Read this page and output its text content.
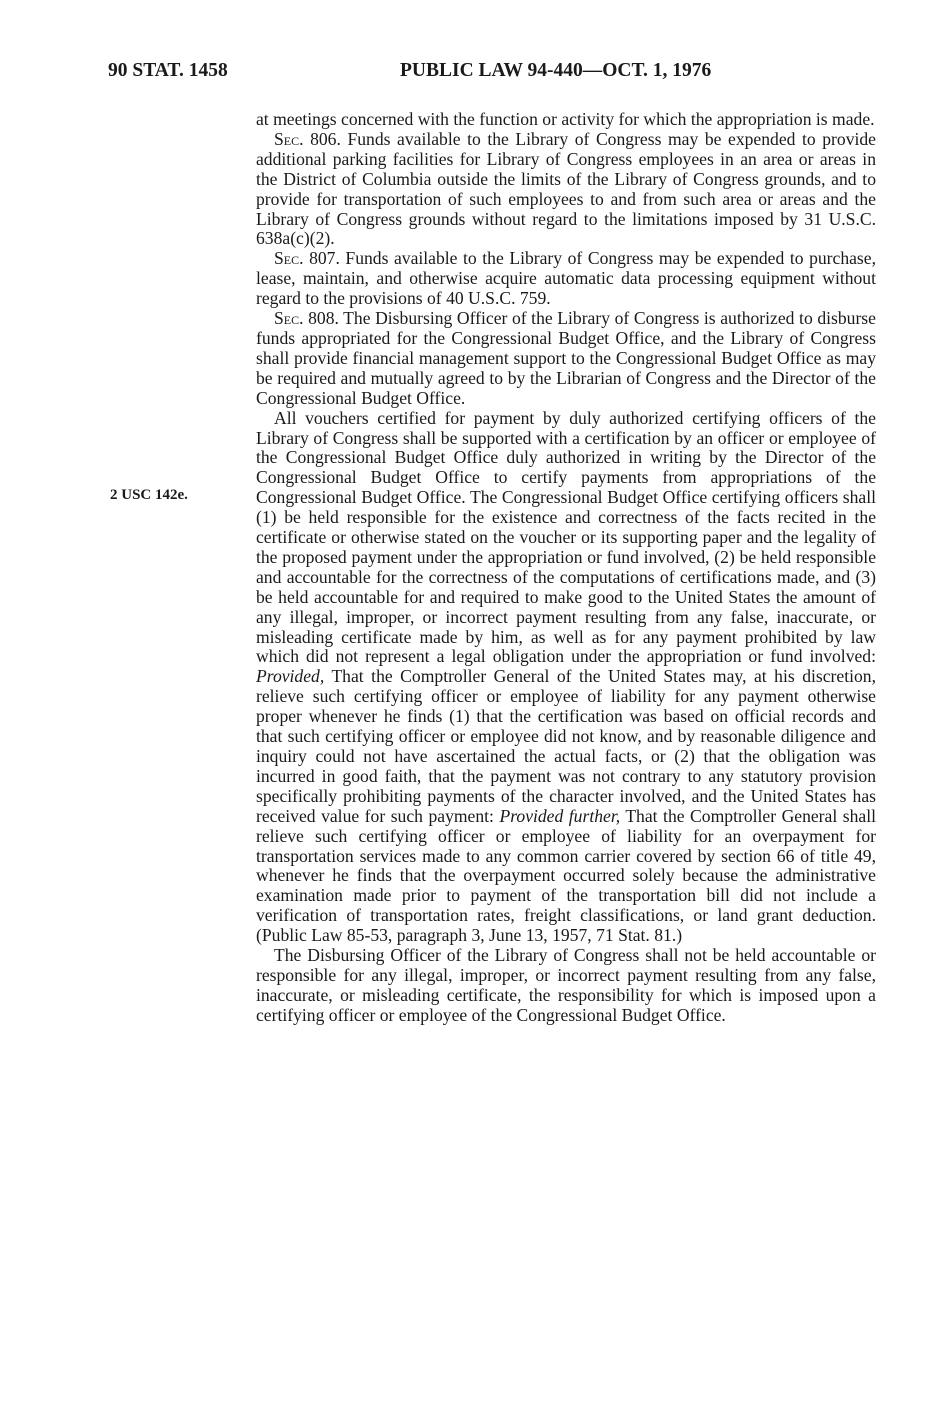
90 STAT. 1458	PUBLIC LAW 94-440—OCT. 1, 1976
2 USC 142e.

at meetings concerned with the function or activity for which the appropriation is made.

Sec. 806. Funds available to the Library of Congress may be expended to provide additional parking facilities for Library of Congress employees in an area or areas in the District of Columbia outside the limits of the Library of Congress grounds, and to provide for transportation of such employees to and from such area or areas and the Library of Congress grounds without regard to the limitations imposed by 31 U.S.C. 638a(c)(2).

Sec. 807. Funds available to the Library of Congress may be expended to purchase, lease, maintain, and otherwise acquire automatic data processing equipment without regard to the provisions of 40 U.S.C. 759.

Sec. 808. The Disbursing Officer of the Library of Congress is authorized to disburse funds appropriated for the Congressional Budget Office, and the Library of Congress shall provide financial management support to the Congressional Budget Office as may be required and mutually agreed to by the Librarian of Congress and the Director of the Congressional Budget Office.

All vouchers certified for payment by duly authorized certifying officers of the Library of Congress shall be supported with a certification by an officer or employee of the Congressional Budget Office duly authorized in writing by the Director of the Congressional Budget Office to certify payments from appropriations of the Congressional Budget Office. The Congressional Budget Office certifying officers shall (1) be held responsible for the existence and correctness of the facts recited in the certificate or otherwise stated on the voucher or its supporting paper and the legality of the proposed payment under the appropriation or fund involved, (2) be held responsible and accountable for the correctness of the computations of certifications made, and (3) be held accountable for and required to make good to the United States the amount of any illegal, improper, or incorrect payment resulting from any false, inaccurate, or misleading certificate made by him, as well as for any payment prohibited by law which did not represent a legal obligation under the appropriation or fund involved: Provided, That the Comptroller General of the United States may, at his discretion, relieve such certifying officer or employee of liability for any payment otherwise proper whenever he finds (1) that the certification was based on official records and that such certifying officer or employee did not know, and by reasonable diligence and inquiry could not have ascertained the actual facts, or (2) that the obligation was incurred in good faith, that the payment was not contrary to any statutory provision specifically prohibiting payments of the character involved, and the United States has received value for such payment: Provided further, That the Comptroller General shall relieve such certifying officer or employee of liability for an overpayment for transportation services made to any common carrier covered by section 66 of title 49, whenever he finds that the overpayment occurred solely because the administrative examination made prior to payment of the transportation bill did not include a verification of transportation rates, freight classifications, or land grant deduction. (Public Law 85-53, paragraph 3, June 13, 1957, 71 Stat. 81.)

The Disbursing Officer of the Library of Congress shall not be held accountable or responsible for any illegal, improper, or incorrect payment resulting from any false, inaccurate, or misleading certificate, the responsibility for which is imposed upon a certifying officer or employee of the Congressional Budget Office.
